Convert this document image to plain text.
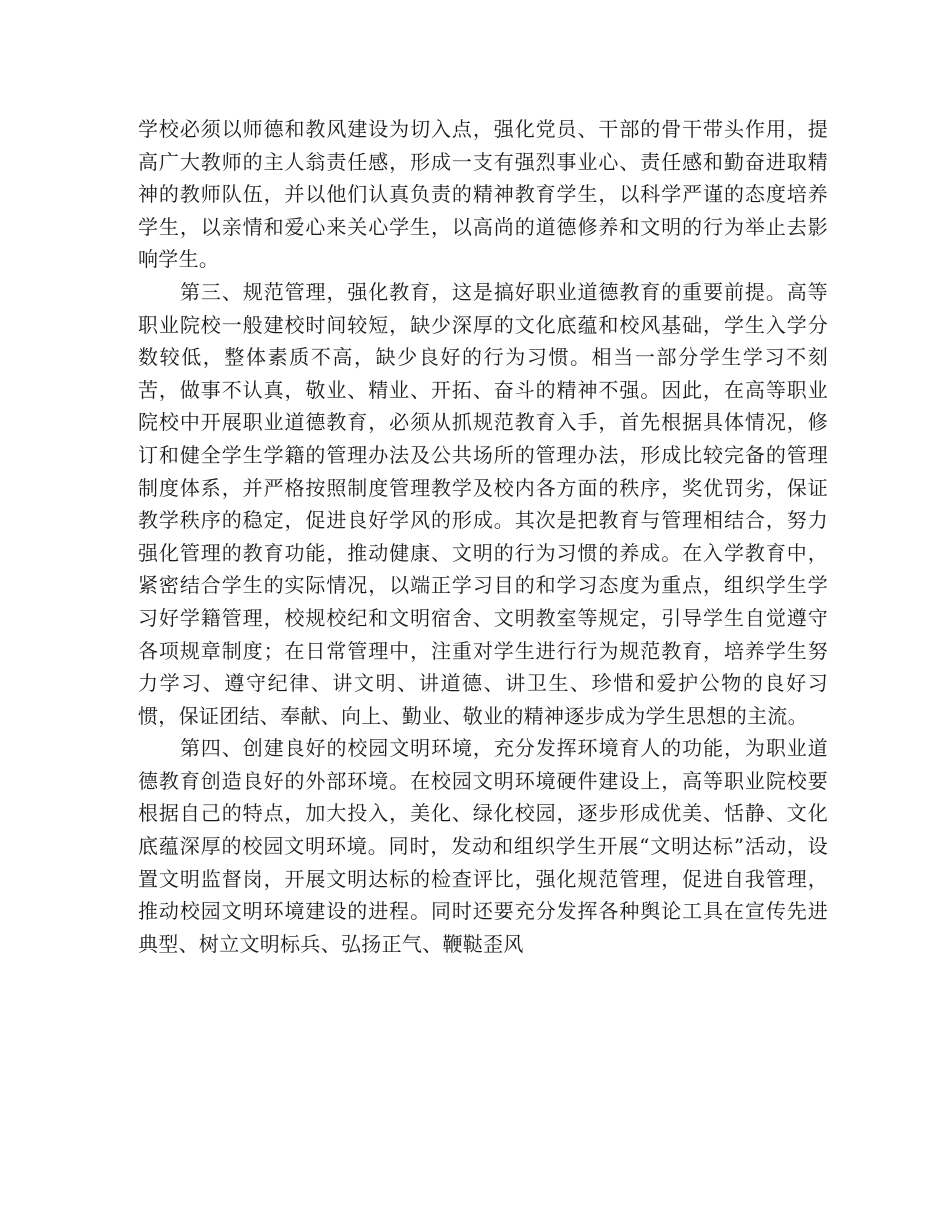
学校必须以师德和教风建设为切入点，强化党员、干部的骨干带头作用，提高广大教师的主人翁责任感，形成一支有强烈事业心、责任感和勤奋进取精神的教师队伍，并以他们认真负责的精神教育学生，以科学严谨的态度培养学生，以亲情和爱心来关心学生，以高尚的道德修养和文明的行为举止去影响学生。

第三、规范管理，强化教育，这是搞好职业道德教育的重要前提。高等职业院校一般建校时间较短，缺少深厚的文化底蕴和校风基础，学生入学分数较低，整体素质不高，缺少良好的行为习惯。相当一部分学生学习不刻苦，做事不认真，敬业、精业、开拓、奋斗的精神不强。因此，在高等职业院校中开展职业道德教育，必须从抓规范教育入手，首先根据具体情况，修订和健全学生学籍的管理办法及公共场所的管理办法，形成比较完备的管理制度体系，并严格按照制度管理教学及校内各方面的秩序，奖优罚劣，保证教学秩序的稳定，促进良好学风的形成。其次是把教育与管理相结合，努力强化管理的教育功能，推动健康、文明的行为习惯的养成。在入学教育中，紧密结合学生的实际情况，以端正学习目的和学习态度为重点，组织学生学习好学籍管理，校规校纪和文明宿舍、文明教室等规定，引导学生自觉遵守各项规章制度；在日常管理中，注重对学生进行行为规范教育，培养学生努力学习、遵守纪律、讲文明、讲道德、讲卫生、珍惜和爱护公物的良好习惯，保证团结、奉献、向上、勤业、敬业的精神逐步成为学生思想的主流。

第四、创建良好的校园文明环境，充分发挥环境育人的功能，为职业道德教育创造良好的外部环境。在校园文明环境硬件建设上，高等职业院校要根据自己的特点，加大投入，美化、绿化校园，逐步形成优美、恬静、文化底蕴深厚的校园文明环境。同时，发动和组织学生开展“文明达标”活动，设置文明监督岗，开展文明达标的检查评比，强化规范管理，促进自我管理，推动校园文明环境建设的进程。同时还要充分发挥各种舆论工具在宣传先进典型、树立文明标兵、弘扬正气、鞭鞑歪风
